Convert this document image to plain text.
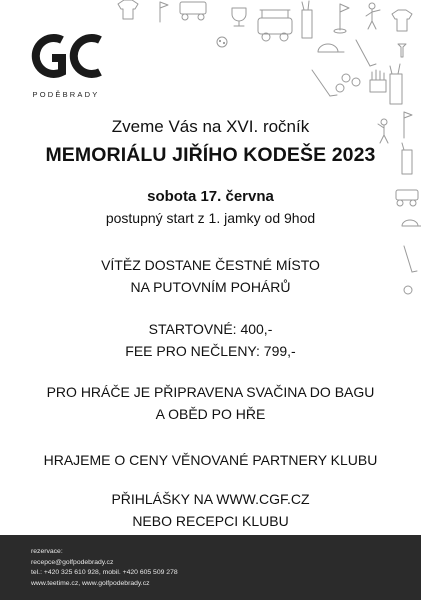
PODĚBRADY
Zveme Vás na XVI. ročník
MEMORIÁLU JIŘÍHO KODEŠE 2023
sobota 17. června
postupný start z 1. jamky od 9hod
VÍTĚZ DOSTANE ČESTNÉ MÍSTO
NA PUTOVNÍM POHÁRŮ
STARTOVNÉ: 400,-
FEE PRO NEČLENY: 799,-
PRO HRÁČE JE PŘIPRAVENA SVAČINA DO BAGU
A OBĚD PO HŘE
HRAJEME O CENY VĚNOVANÉ PARTNERY KLUBU
PŘIHLÁŠKY NA WWW.CGF.CZ
NEBO RECEPCI KLUBU
rezervace:
recepce@golfpodebrady.cz
tel.: +420 325 610 928, mobil. +420 605 509 278
www.teetime.cz, www.golfpodebrady.cz
